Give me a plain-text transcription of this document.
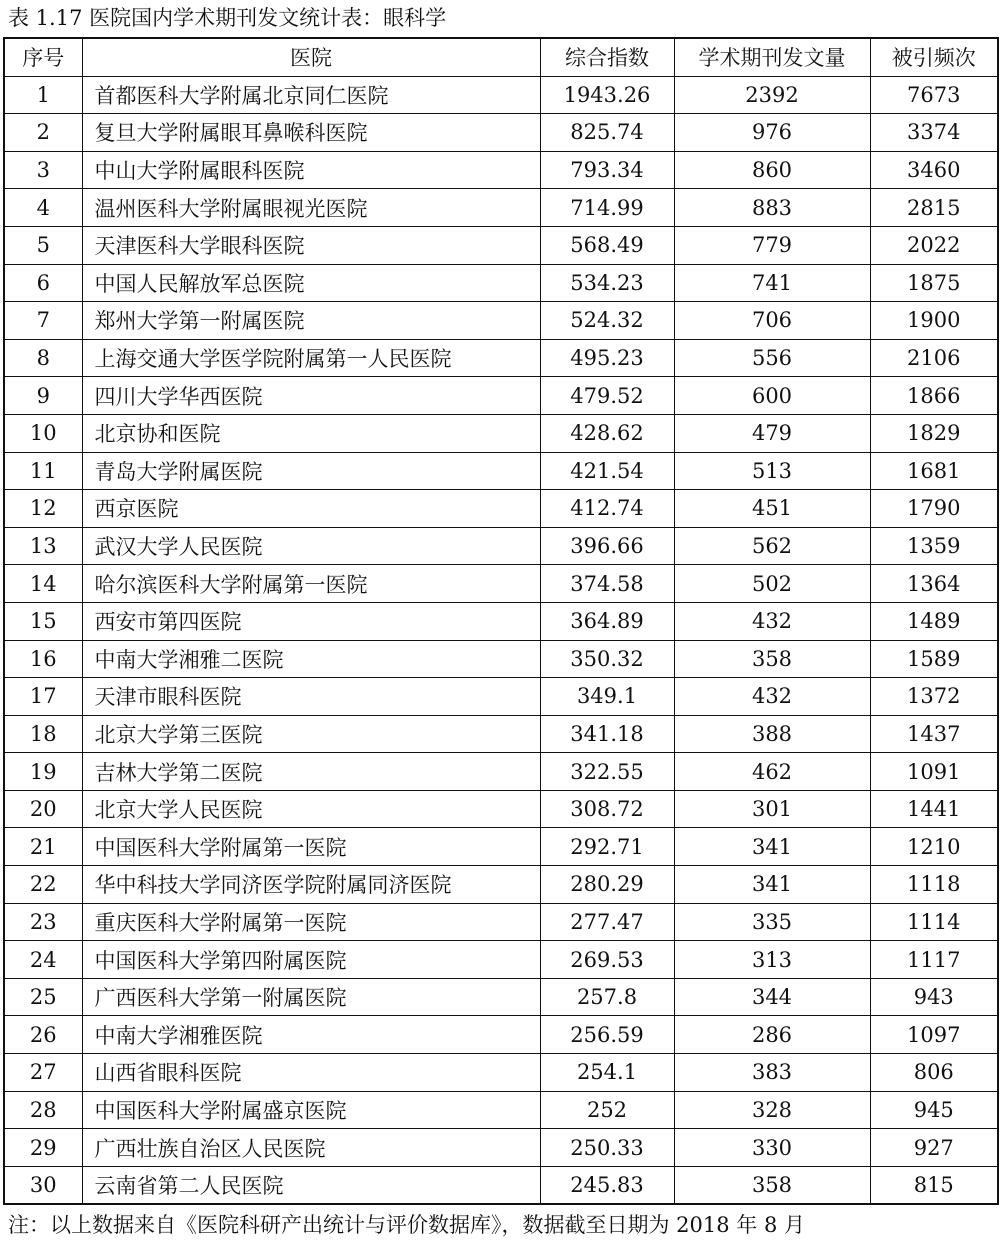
表 1.17 医院国内学术期刊发文统计表：眼科学
序号	医院	综合指数	学术期刊发文量	被引频次
1	首都医科大学附属北京同仁医院	1943.26	2392	7673
2	复旦大学附属眼耳鼻喉科医院	825.74	976	3374
3	中山大学附属眼科医院	793.34	860	3460
4	温州医科大学附属眼视光医院	714.99	883	2815
5	天津医科大学眼科医院	568.49	779	2022
6	中国人民解放军总医院	534.23	741	1875
7	郑州大学第一附属医院	524.32	706	1900
8	上海交通大学医学院附属第一人民医院	495.23	556	2106
9	四川大学华西医院	479.52	600	1866
10	北京协和医院	428.62	479	1829
11	青岛大学附属医院	421.54	513	1681
12	西京医院	412.74	451	1790
13	武汉大学人民医院	396.66	562	1359
14	哈尔滨医科大学附属第一医院	374.58	502	1364
15	西安市第四医院	364.89	432	1489
16	中南大学湘雅二医院	350.32	358	1589
17	天津市眼科医院	349.1	432	1372
18	北京大学第三医院	341.18	388	1437
19	吉林大学第二医院	322.55	462	1091
20	北京大学人民医院	308.72	301	1441
21	中国医科大学附属第一医院	292.71	341	1210
22	华中科技大学同济医学院附属同济医院	280.29	341	1118
23	重庆医科大学附属第一医院	277.47	335	1114
24	中国医科大学第四附属医院	269.53	313	1117
25	广西医科大学第一附属医院	257.8	344	943
26	中南大学湘雅医院	256.59	286	1097
27	山西省眼科医院	254.1	383	806
28	中国医科大学附属盛京医院	252	328	945
29	广西壮族自治区人民医院	250.33	330	927
30	云南省第二人民医院	245.83	358	815
注：以上数据来自《医院科研产出统计与评价数据库》，数据截至日期为 2018 年 8 月
